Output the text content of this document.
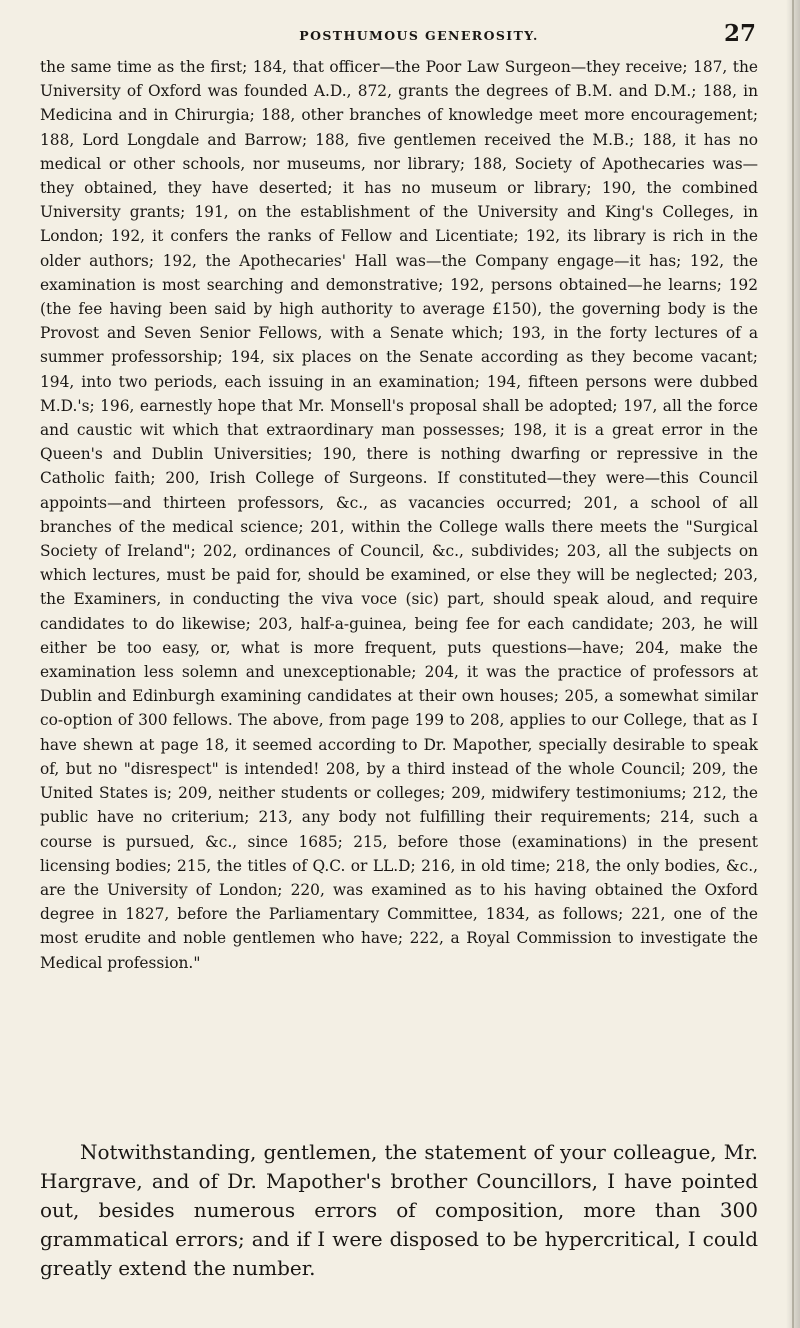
POSTHUMOUS GENEROSITY.	27

the same time as the first; 184, that officer—the Poor Law Surgeon—they receive; 187, the University of Oxford was founded A.D., 872, grants the degrees of B.M. and D.M.; 188, in Medicina and in Chirurgia; 188, other branches of knowledge meet more encouragement; 188, Lord Longdale and Barrow; 188, five gentlemen received the M.B.; 188, it has no medical or other schools, nor museums, nor library; 188, Society of Apothecaries was—they obtained, they have deserted; it has no museum or library; 190, the combined University grants; 191, on the establishment of the University and King's Colleges, in London; 192, it confers the ranks of Fellow and Licentiate; 192, its library is rich in the older authors; 192, the Apothecaries' Hall was—the Company engage—it has; 192, the examination is most searching and demonstrative; 192, persons obtained—he learns; 192 (the fee having been said by high authority to average £150), the governing body is the Provost and Seven Senior Fellows, with a Senate which; 193, in the forty lectures of a summer professorship; 194, six places on the Senate according as they become vacant; 194, into two periods, each issuing in an examination; 194, fifteen persons were dubbed M.D.'s; 196, earnestly hope that Mr. Monsell's proposal shall be adopted; 197, all the force and caustic wit which that extraordinary man possesses; 198, it is a great error in the Queen's and Dublin Universities; 190, there is nothing dwarfing or repressive in the Catholic faith; 200, Irish College of Surgeons. If constituted—they were—this Council appoints—and thirteen professors, &c., as vacancies occurred; 201, a school of all branches of the medical science; 201, within the College walls there meets the "Surgical Society of Ireland"; 202, ordinances of Council, &c., subdivides; 203, all the subjects on which lectures, must be paid for, should be examined, or else they will be neglected; 203, the Examiners, in conducting the viva voce (sic) part, should speak aloud, and require candidates to do likewise; 203, half-a-guinea, being fee for each candidate; 203, he will either be too easy, or, what is more frequent, puts questions—have; 204, make the examination less solemn and unexceptionable; 204, it was the practice of professors at Dublin and Edinburgh examining candidates at their own houses; 205, a somewhat similar co-option of 300 fellows. The above, from page 199 to 208, applies to our College, that as I have shewn at page 18, it seemed according to Dr. Mapother, specially desirable to speak of, but no "disrespect" is intended! 208, by a third instead of the whole Council; 209, the United States is; 209, neither students or colleges; 209, midwifery testimoniums; 212, the public have no criterium; 213, any body not fulfilling their requirements; 214, such a course is pursued, &c., since 1685; 215, before those (examinations) in the present licensing bodies; 215, the titles of Q.C. or LL.D; 216, in old time; 218, the only bodies, &c., are the University of London; 220, was examined as to his having obtained the Oxford degree in 1827, before the Parliamentary Committee, 1834, as follows; 221, one of the most erudite and noble gentlemen who have; 222, a Royal Commission to investigate the Medical profession."

Notwithstanding, gentlemen, the statement of your colleague, Mr. Hargrave, and of Dr. Mapother's brother Councillors, I have pointed out, besides numerous errors of composition, more than 300 grammatical errors; and if I were disposed to be hypercritical, I could greatly extend the number.
